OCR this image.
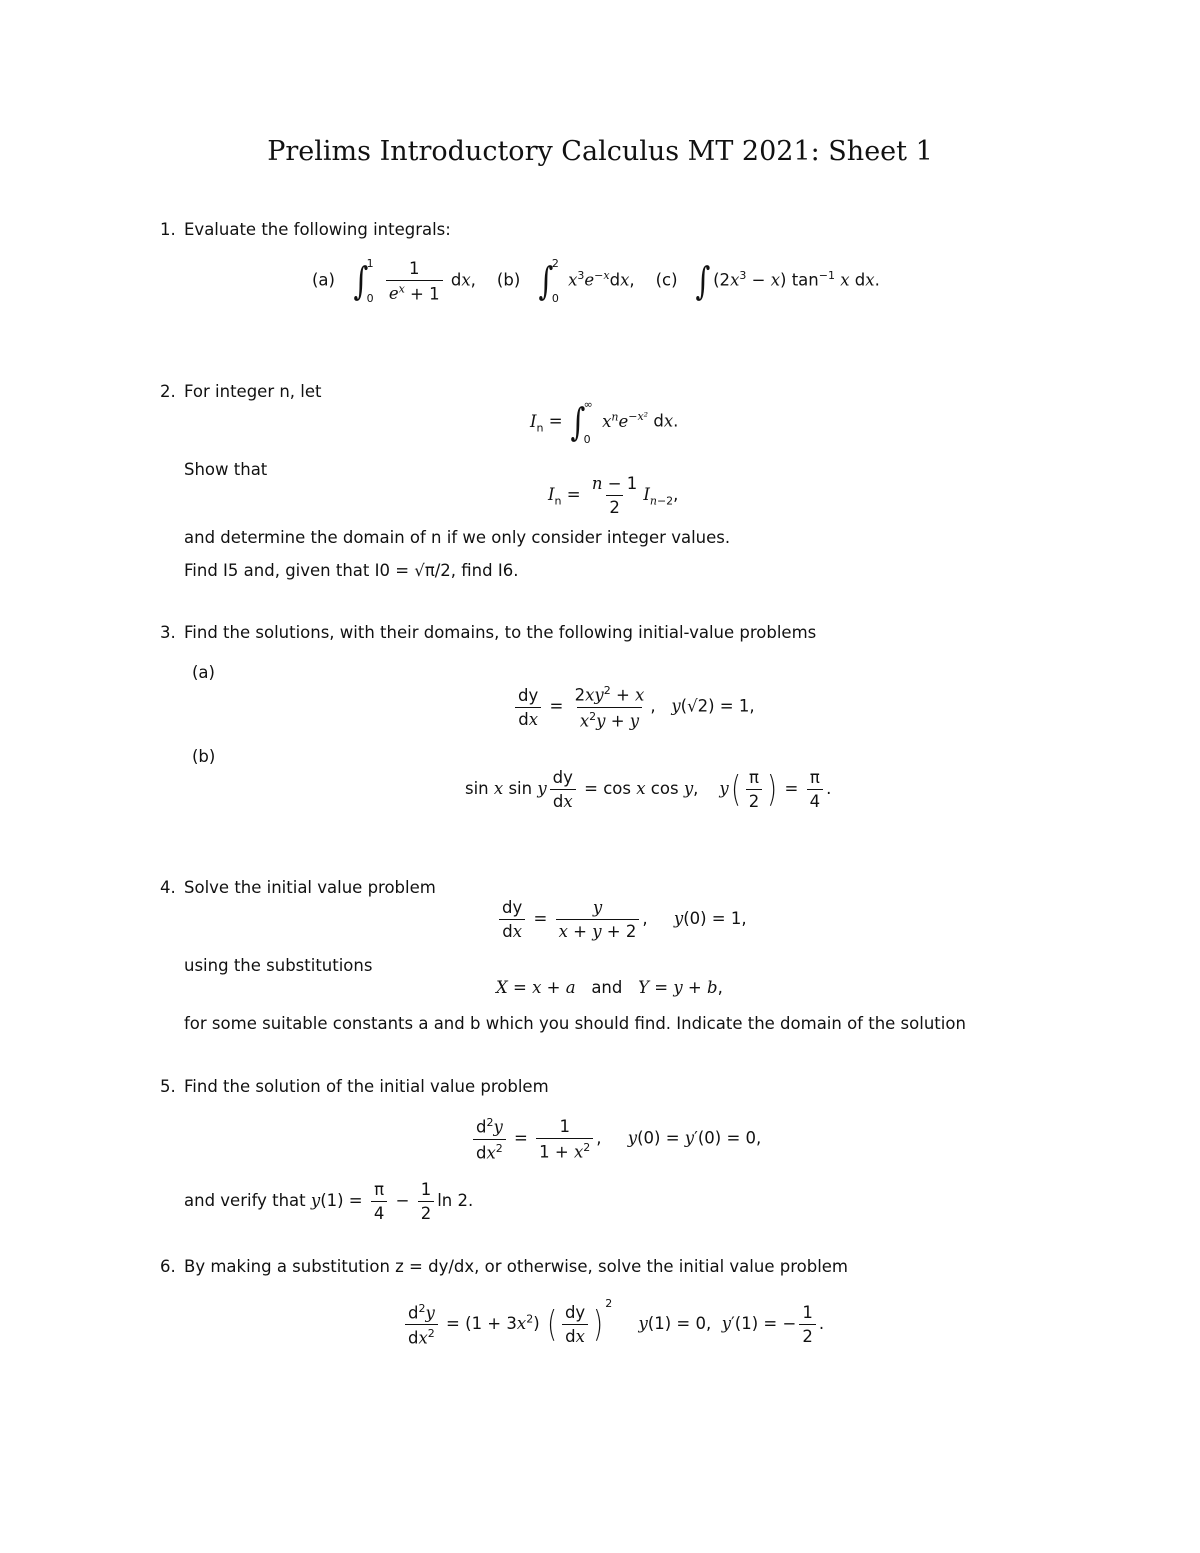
Prelims Introductory Calculus MT 2021: Sheet 1
1. Evaluate the following integrals:
(a) ∫
1
0
$\frac{1}{e^x + 1}$ dx,    (b) ∫
2
0
$x^3e^{-x}dx$,    (c) ∫ $(2x^3 - x)$ $\tan^{-1} x$ dx.
2. For integer n, let
$I_n$ = ∫
∞
0
$x^ne^{-x^2}$ dx.
Show that
$I_n = \frac{n - 1}{2} I_{n-2}$,
and determine the domain of n if we only consider integer values.
Find I5 and, given that I0 = √π/2, find I6.
3. Find the solutions, with their domains, to the following initial-value problems
(a)
$\frac{dy}{dx} = \frac{2xy^2 + x}{x^2y + y}$ ,   y(√2) = 1,
(b)
sin x sin y $\frac{dy}{dx} = \cos x$ cos y,    $y( \frac{\pi}{2}$ ) = $\frac{\pi}{4}$ .
4. Solve the initial value problem
$\frac{dy}{dx} = \frac{y}{x + y + 2}$ ,     y(0) = 1,
using the substitutions
X = x + a and Y = y + b,
for some suitable constants a and b which you should find. Indicate the domain of the solution
5. Find the solution of the initial value problem
$\frac{d^2y}{dx^2} = \frac{1}{1 + x^2}$ ,     y(0) = y′(0) = 0,
and verify that $y(1) = \frac{\pi}{4} - \frac{1}{2}$ ln 2.
6. By making a substitution z = dy/dx, or otherwise, solve the initial value problem
$\frac{d^2y}{dx^2} = (1 + 3x^2)$ ( $\frac{dy}{dx}$ ) $^2$     y(1) = 0,  y′(1) = − $\frac{1}{2}$ .
